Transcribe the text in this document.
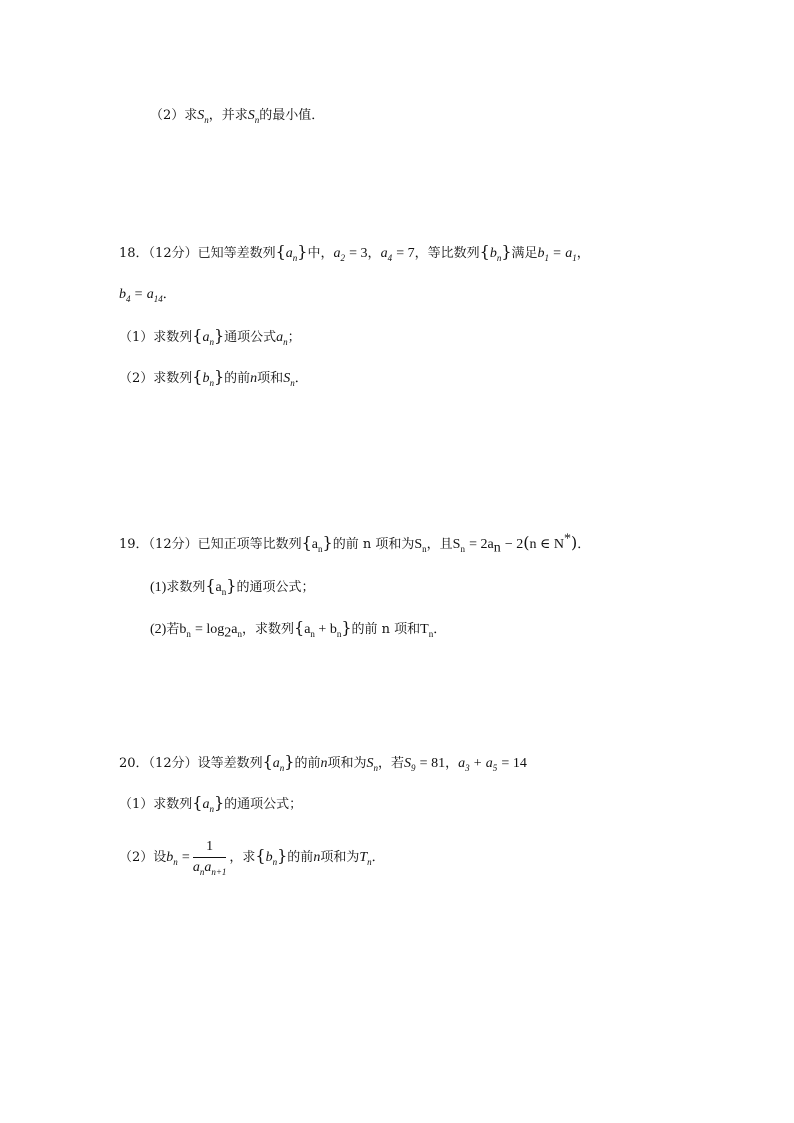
（2）求$S_n$，并求$S_n$的最小值．
18．（12分）已知等差数列$\{a_n\}$中，$a_2 = 3$，$a_4 = 7$，等比数列$\{b_n\}$满足$b_1 = a_1$，
$b_4 = a_{14}$．
（1）求数列$\{a_n\}$通项公式$a_n$；
（2）求数列$\{b_n\}$的前n项和$S_n$．
19．（12分）已知正项等比数列$\{a_n\}$的前 n 项和为$S_n$，且$S_n = 2a_n - 2(n$ ∈ N*)．
(1)求数列$\{a_n\}$的通项公式；
(2)若$b_n = \log_2a_n$，求数列$\{a_n + b_n\}$的前 n 项和$T_n$．
20．（12分）设等差数列$\{a_n\}$的前n项和为$S_n$，若$S_9 = 81$，$a_3 + a_5 = 14$
（1）求数列$\{a_n\}$的通项公式；
（2）设$b_n = \frac{1}{a_na_{n+1}}$ ，求$\{b_n\}$的前n项和为$T_n$．
